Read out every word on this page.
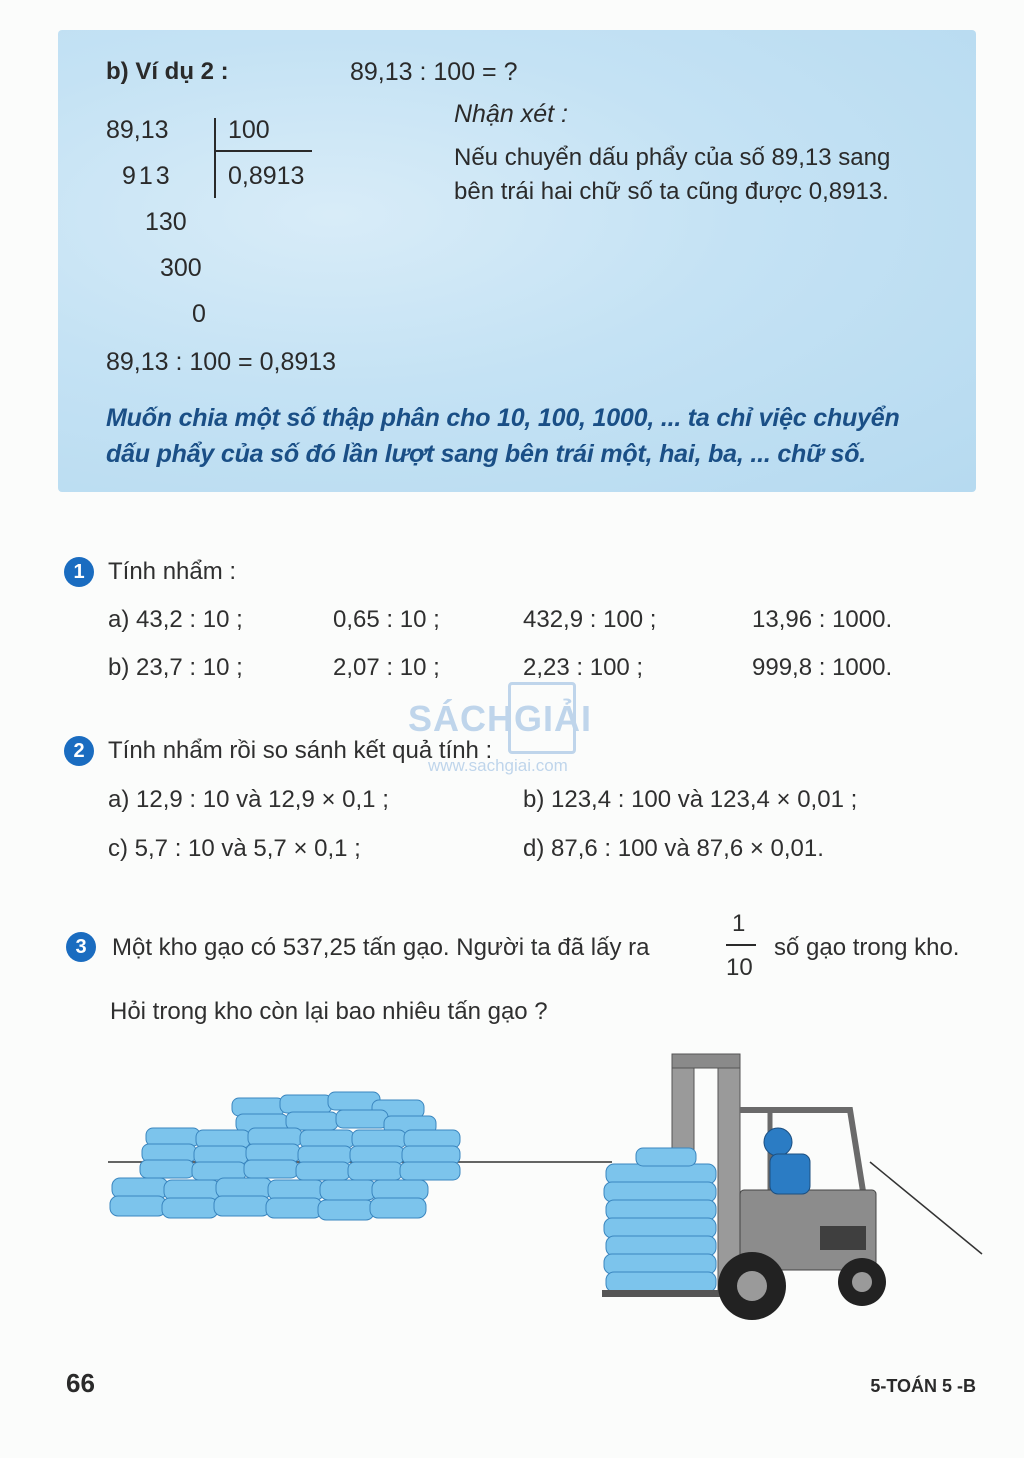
b) Ví dụ 2 :	89,13 : 100 = ?
89,13 100
0,8913
913
130
300
0
89,13 : 100 = 0,8913
Nhận xét :
Nếu chuyển dấu phẩy của số 89,13 sang
bên trái hai chữ số ta cũng được 0,8913.
Muốn chia một số thập phân cho 10, 100, 1000, ... ta chỉ việc chuyển
dấu phẩy của số đó lần lượt sang bên trái một, hai, ba, ... chữ số.
1 Tính nhẩm :
a) 43,2 : 10 ;	0,65 : 10 ;	432,9 : 100 ;	13,96 : 1000.
b) 23,7 : 10 ;	2,07 : 10 ;	2,23 : 100 ;	999,8 : 1000.
SÁCHGIẢI
www.sachgiai.com
2 Tính nhẩm rồi so sánh kết quả tính :
a) 12,9 : 10 và 12,9 × 0,1 ;	b) 123,4 : 100 và 123,4 × 0,01 ;
c) 5,7 : 10 và 5,7 × 0,1 ;	d) 87,6 : 100 và 87,6 × 0,01.
3	Một kho gạo có 537,25 tấn gạo. Người ta đã lấy ra
1
10
số gạo trong kho.
Hỏi trong kho còn lại bao nhiêu tấn gạo ?
66	5-TOÁN 5 -B
